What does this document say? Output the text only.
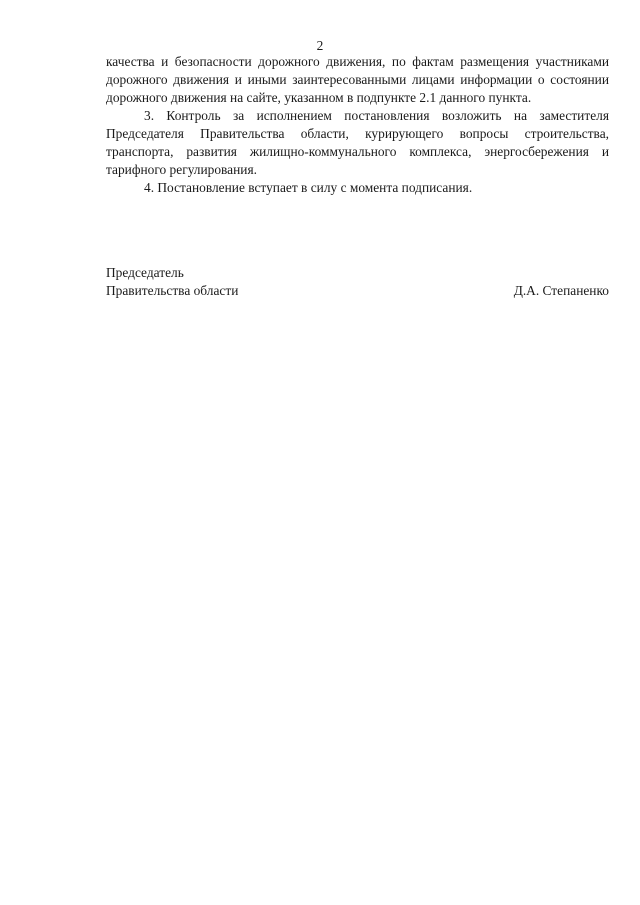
2

качества и безопасности дорожного движения, по фактам размещения участниками дорожного движения и иными заинтересованными лицами информации о состоянии дорожного движения на сайте, указанном в подпункте 2.1 данного пункта.

3. Контроль за исполнением постановления возложить на заместителя Председателя Правительства области, курирующего вопросы строительства, транспорта, развития жилищно-коммунального комплекса, энергосбережения и тарифного регулирования.

4. Постановление вступает в силу с момента подписания.

Председатель
Правительства области	Д.А. Степаненко
